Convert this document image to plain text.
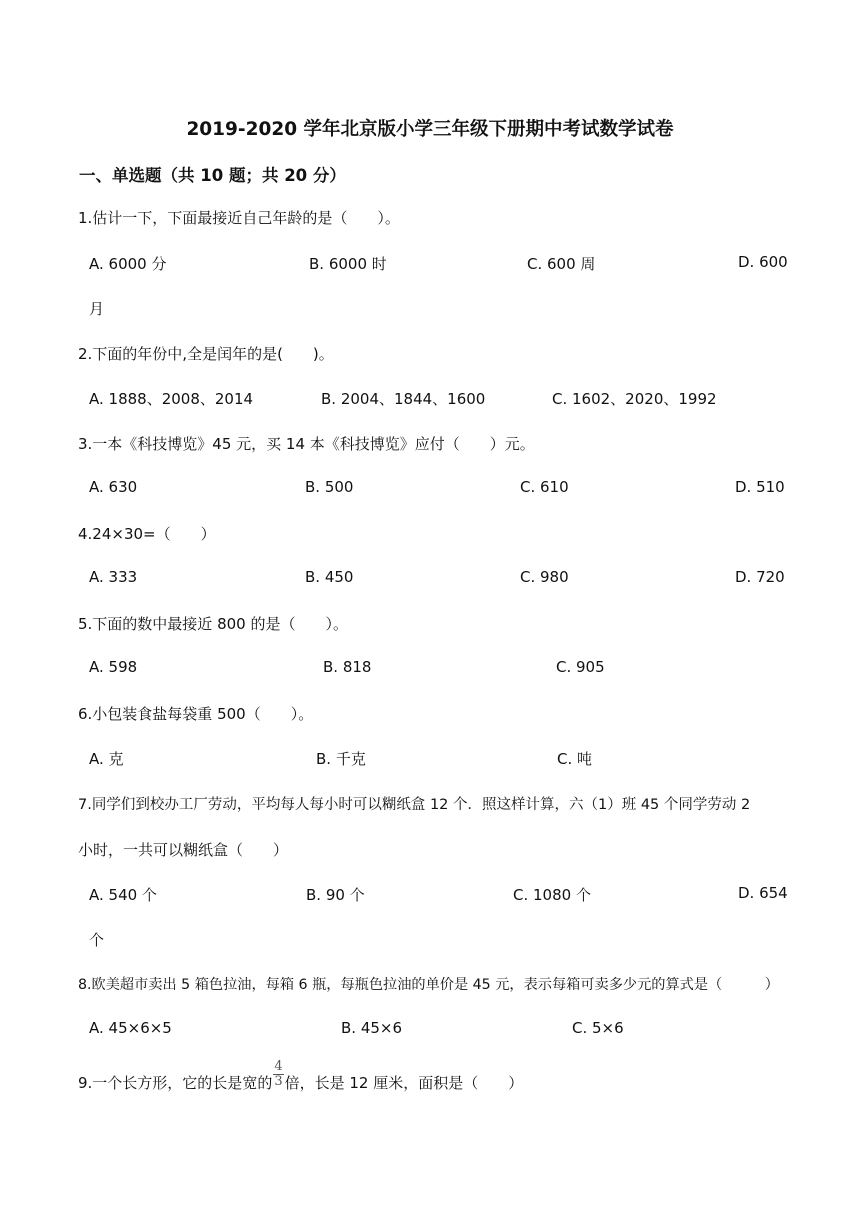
2019-2020 学年北京版小学三年级下册期中考试数学试卷
一、单选题（共 10 题；共 20 分）
1.估计一下，下面最接近自己年龄的是（　　）。
A. 6000 分	B. 6000 时	C. 600 周	D. 600
月
2.下面的年份中,全是闰年的是(　　)。
A. 1888、2008、2014	B. 2004、1844、1600	C. 1602、2020、1992
3.一本《科技博览》45 元，买 14 本《科技博览》应付（　　）元。
A. 630	B. 500	C. 610	D. 510
4.24×30=（　　）
A. 333	B. 450	C. 980	D. 720
5.下面的数中最接近 800 的是（　　）。
A. 598	B. 818	C. 905
6.小包装食盐每袋重 500（　　）。
A. 克	B. 千克	C. 吨
7.同学们到校办工厂劳动，平均每人每小时可以糊纸盒 12 个．照这样计算，六（1）班 45 个同学劳动 2
小时，一共可以糊纸盒（　　）
A. 540 个	B. 90 个	C. 1080 个	D. 654
个
8.欧美超市卖出 5 箱色拉油，每箱 6 瓶，每瓶色拉油的单价是 45 元，表示每箱可卖多少元的算式是（　　　）
A. 45×6×5	B. 45×6	C. 5×6
9.一个长方形，它的长是宽的 $\frac{4}{3}$ 倍，长是 12 厘米，面积是（　　）
